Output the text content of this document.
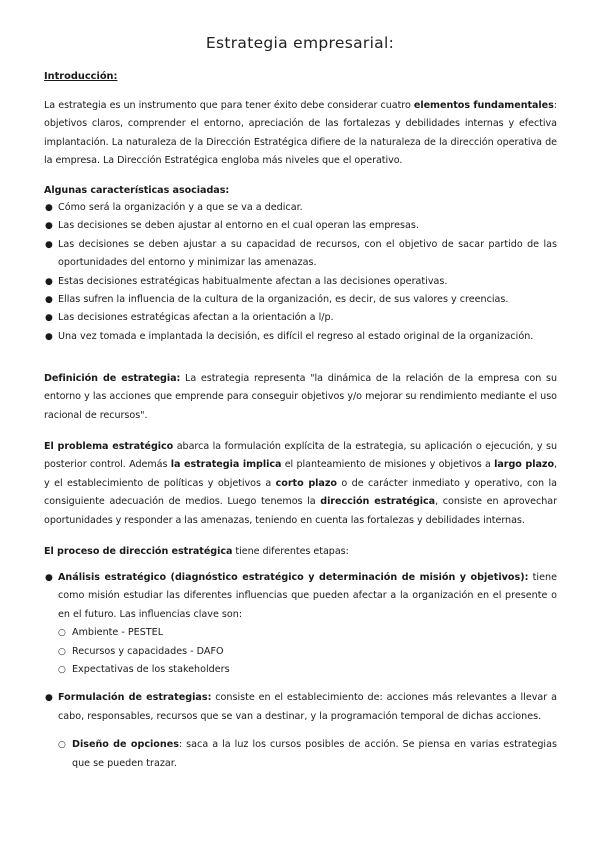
Estrategia empresarial:
Introducción:
La estrategia es un instrumento que para tener éxito debe considerar cuatro elementos fundamentales: objetivos claros, comprender el entorno, apreciación de las fortalezas y debilidades internas y efectiva implantación. La naturaleza de la Dirección Estratégica difiere de la naturaleza de la dirección operativa de la empresa. La Dirección Estratégica engloba más niveles que el operativo.
Algunas características asociadas:
● Cómo será la organización y a que se va a dedicar.
● Las decisiones se deben ajustar al entorno en el cual operan las empresas.
● Las decisiones se deben ajustar a su capacidad de recursos, con el objetivo de sacar partido de las oportunidades del entorno y minimizar las amenazas.
● Estas decisiones estratégicas habitualmente afectan a las decisiones operativas.
● Ellas sufren la influencia de la cultura de la organización, es decir, de sus valores y creencias.
● Las decisiones estratégicas afectan a la orientación a l/p.
● Una vez tomada e implantada la decisión, es difícil el regreso al estado original de la organización.
Definición de estrategia: La estrategia representa "la dinámica de la relación de la empresa con su entorno y las acciones que emprende para conseguir objetivos y/o mejorar su rendimiento mediante el uso racional de recursos".
El problema estratégico abarca la formulación explícita de la estrategia, su aplicación o ejecución, y su posterior control. Además la estrategia implica el planteamiento de misiones y objetivos a largo plazo, y el establecimiento de políticas y objetivos a corto plazo o de carácter inmediato y operativo, con la consiguiente adecuación de medios. Luego tenemos la dirección estratégica, consiste en aprovechar oportunidades y responder a las amenazas, teniendo en cuenta las fortalezas y debilidades internas.
El proceso de dirección estratégica tiene diferentes etapas:
● Análisis estratégico (diagnóstico estratégico y determinación de misión y objetivos): tiene como misión estudiar las diferentes influencias que pueden afectar a la organización en el presente o en el futuro. Las influencias clave son:
○ Ambiente - PESTEL
○ Recursos y capacidades - DAFO
○ Expectativas de los stakeholders
● Formulación de estrategias: consiste en el establecimiento de: acciones más relevantes a llevar a cabo, responsables, recursos que se van a destinar, y la programación temporal de dichas acciones.
○ Diseño de opciones: saca a la luz los cursos posibles de acción. Se piensa en varias estrategias que se pueden trazar.
